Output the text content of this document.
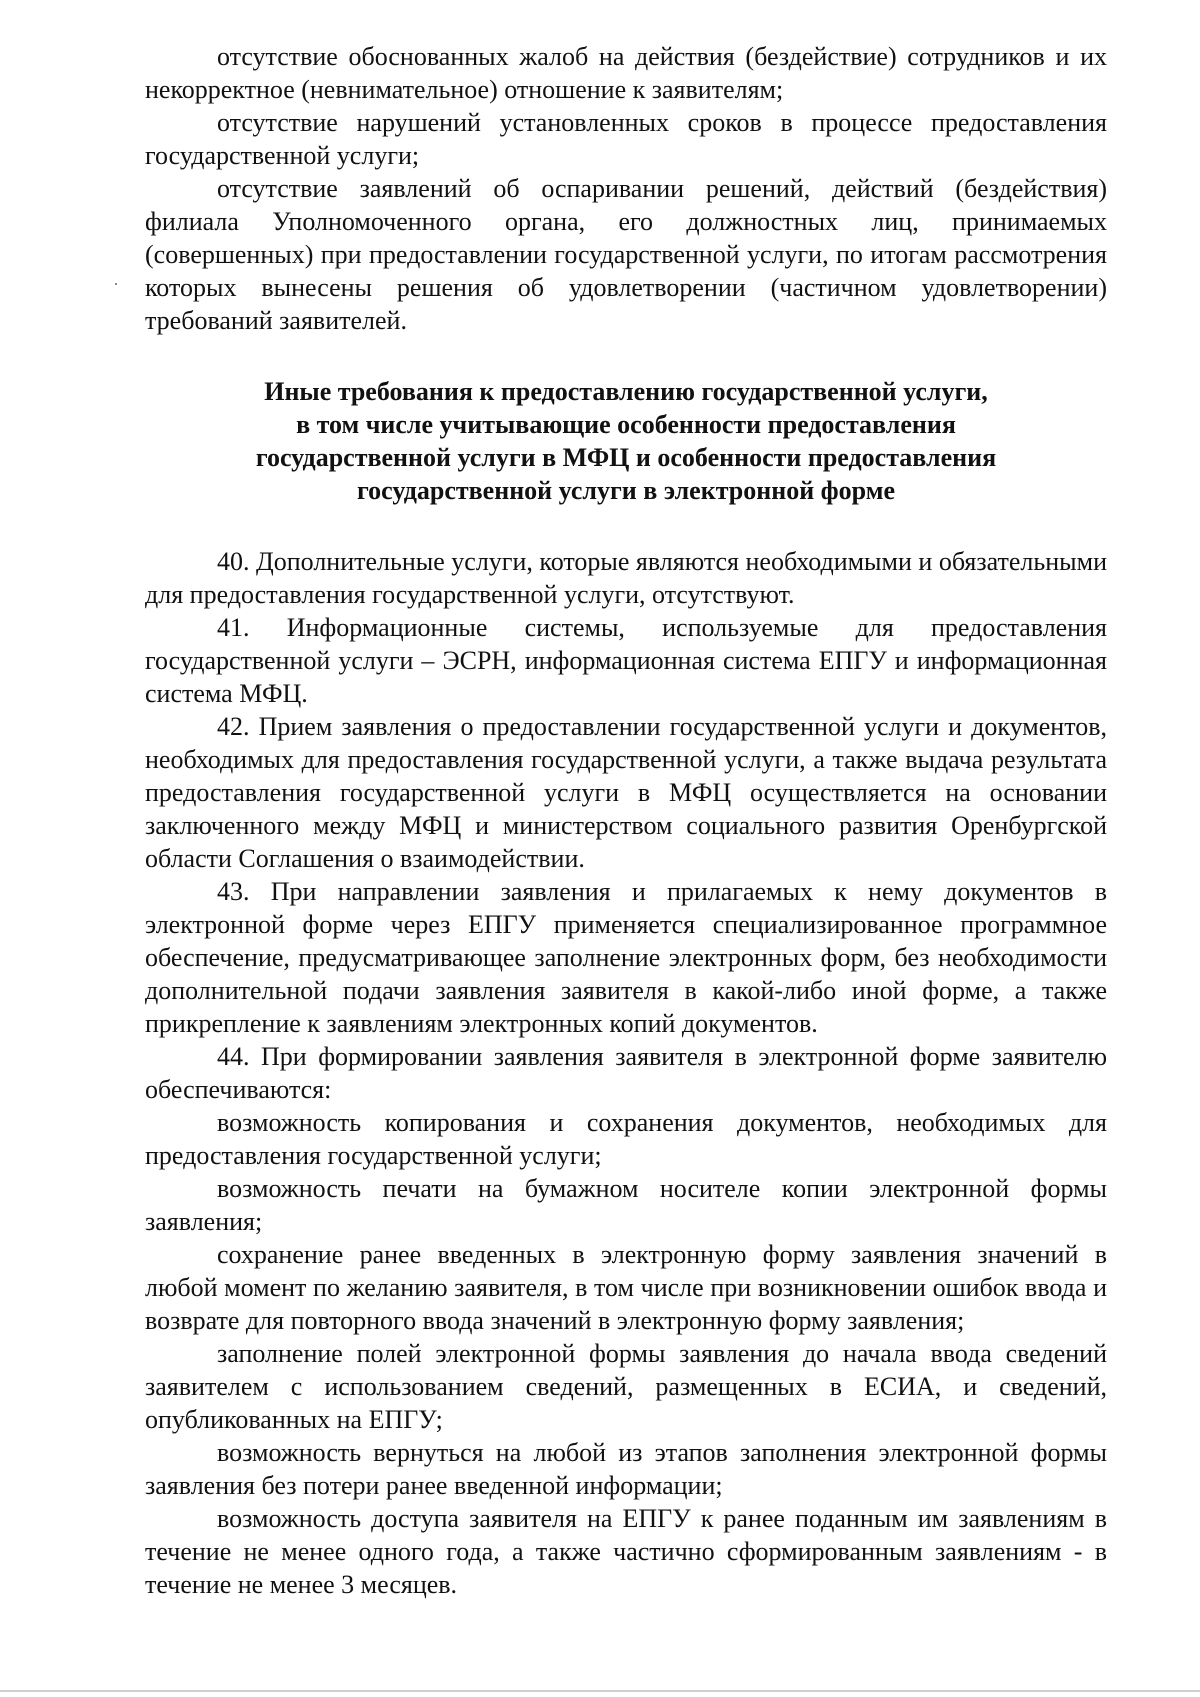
отсутствие обоснованных жалоб на действия (бездействие) сотрудников и их некорректное (невнимательное) отношение к заявителям;

отсутствие нарушений установленных сроков в процессе предоставления государственной услуги;

отсутствие заявлений об оспаривании решений, действий (бездействия) филиала Уполномоченного органа, его должностных лиц, принимаемых (совершенных) при предоставлении государственной услуги, по итогам рассмотрения которых вынесены решения об удовлетворении (частичном удовлетворении) требований заявителей.

Иные требования к предоставлению государственной услуги,
в том числе учитывающие особенности предоставления
государственной услуги в МФЦ и особенности предоставления
государственной услуги в электронной форме

40. Дополнительные услуги, которые являются необходимыми и обязательными для предоставления государственной услуги, отсутствуют.

41. Информационные системы, используемые для предоставления государственной услуги – ЭСРН, информационная система ЕПГУ и информационная система МФЦ.

42. Прием заявления о предоставлении государственной услуги и документов, необходимых для предоставления государственной услуги, а также выдача результата предоставления государственной услуги в МФЦ осуществляется на основании заключенного между МФЦ и министерством социального развития Оренбургской области Соглашения о взаимодействии.

43. При направлении заявления и прилагаемых к нему документов в электронной форме через ЕПГУ применяется специализированное программное обеспечение, предусматривающее заполнение электронных форм, без необходимости дополнительной подачи заявления заявителя в какой-либо иной форме, а также прикрепление к заявлениям электронных копий документов.

44. При формировании заявления заявителя в электронной форме заявителю обеспечиваются:

возможность копирования и сохранения документов, необходимых для предоставления государственной услуги;

возможность печати на бумажном носителе копии электронной формы заявления;

сохранение ранее введенных в электронную форму заявления значений в любой момент по желанию заявителя, в том числе при возникновении ошибок ввода и возврате для повторного ввода значений в электронную форму заявления;

заполнение полей электронной формы заявления до начала ввода сведений заявителем с использованием сведений, размещенных в ЕСИА, и сведений, опубликованных на ЕПГУ;

возможность вернуться на любой из этапов заполнения электронной формы заявления без потери ранее введенной информации;

возможность доступа заявителя на ЕПГУ к ранее поданным им заявлениям в течение не менее одного года, а также частично сформированным заявлениям - в течение не менее 3 месяцев.
